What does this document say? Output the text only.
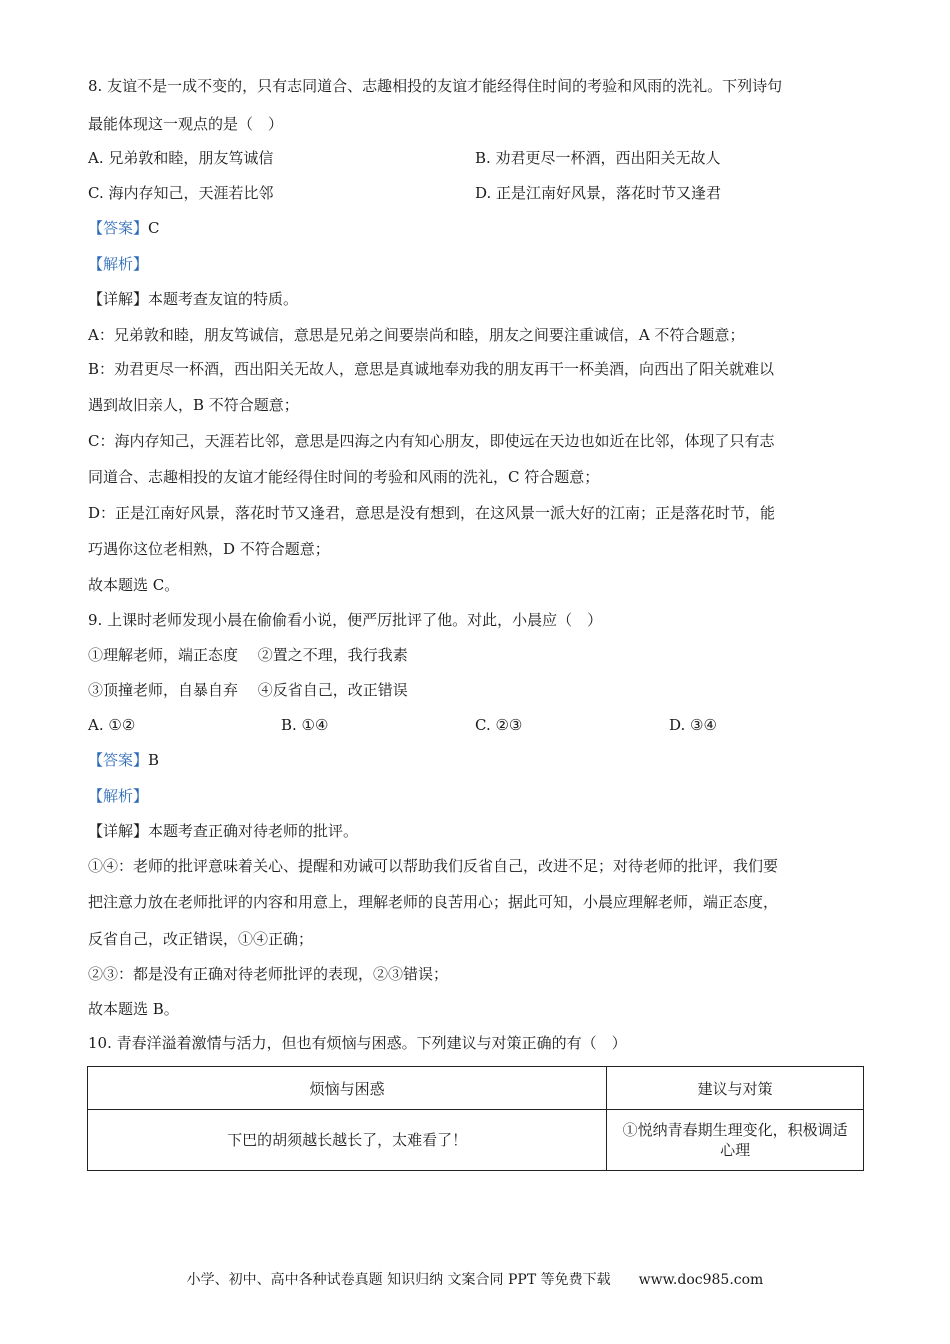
8. 友谊不是一成不变的，只有志同道合、志趣相投的友谊才能经得住时间的考验和风雨的洗礼。下列诗句
最能体现这一观点的是（　）
A. 兄弟敦和睦，朋友笃诚信	B. 劝君更尽一杯酒，西出阳关无故人
C. 海内存知己，天涯若比邻	D. 正是江南好风景，落花时节又逢君
【答案】C
【解析】
【详解】本题考查友谊的特质。
A：兄弟敦和睦，朋友笃诚信，意思是兄弟之间要崇尚和睦，朋友之间要注重诚信，A 不符合题意；
B：劝君更尽一杯酒，西出阳关无故人，意思是真诚地奉劝我的朋友再干一杯美酒，向西出了阳关就难以
遇到故旧亲人，B 不符合题意；
C：海内存知己，天涯若比邻，意思是四海之内有知心朋友，即使远在天边也如近在比邻，体现了只有志
同道合、志趣相投的友谊才能经得住时间的考验和风雨的洗礼，C 符合题意；
D：正是江南好风景，落花时节又逢君，意思是没有想到，在这风景一派大好的江南；正是落花时节，能
巧遇你这位老相熟，D 不符合题意；
故本题选 C。
9. 上课时老师发现小晨在偷偷看小说，便严厉批评了他。对此，小晨应（　）
①理解老师，端正态度　 ②置之不理，我行我素
③顶撞老师，自暴自弃　 ④反省自己，改正错误
A. ①②	B. ①④	C. ②③	D. ③④
【答案】B
【解析】
【详解】本题考查正确对待老师的批评。
①④：老师的批评意味着关心、提醒和劝诫可以帮助我们反省自己，改进不足；对待老师的批评，我们要
把注意力放在老师批评的内容和用意上，理解老师的良苦用心；据此可知，小晨应理解老师，端正态度，
反省自己，改正错误，①④正确；
②③：都是没有正确对待老师批评的表现，②③错误；
故本题选 B。
10. 青春洋溢着激情与活力，但也有烦恼与困惑。下列建议与对策正确的有（　）
烦恼与困惑	建议与对策
下巴的胡须越长越长了，太难看了！	①悦纳青春期生理变化，积极调适心理
小学、初中、高中各种试卷真题 知识归纳 文案合同 PPT 等免费下载　　www.doc985.com
